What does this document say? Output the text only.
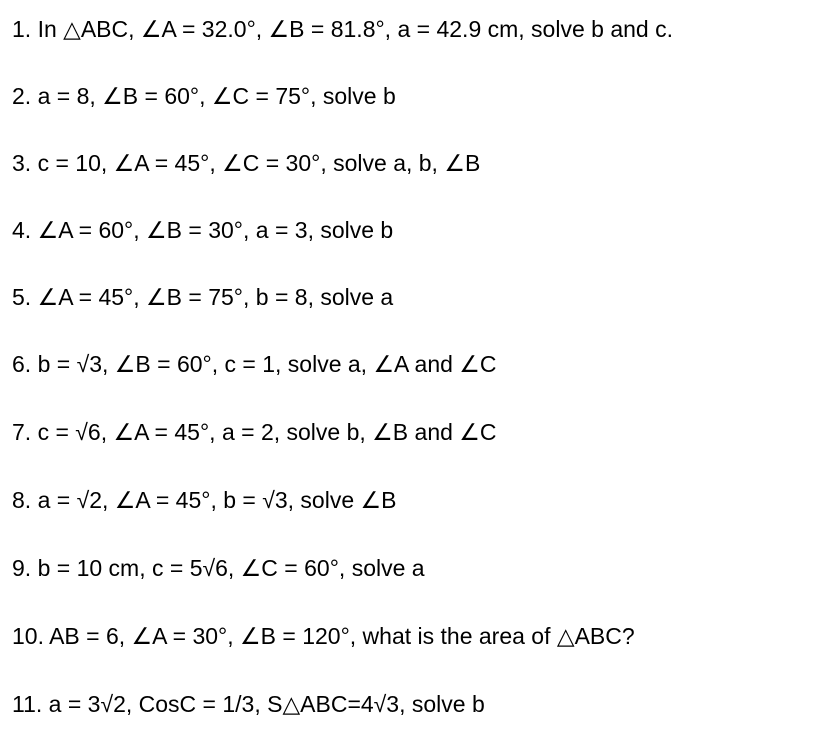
1. In △ABC, ∠A = 32.0°, ∠B = 81.8°, a = 42.9 cm, solve b and c.
2. a = 8, ∠B = 60°, ∠C = 75°, solve b
3. c = 10, ∠A = 45°, ∠C = 30°, solve a, b, ∠B
4. ∠A = 60°, ∠B = 30°, a = 3, solve b
5. ∠A = 45°, ∠B = 75°, b = 8, solve a
6. b = √3, ∠B = 60°, c = 1, solve a, ∠A and ∠C
7. c = √6, ∠A = 45°, a = 2, solve b, ∠B and ∠C
8. a = √2, ∠A = 45°, b = √3, solve ∠B
9. b = 10 cm, c = 5√6, ∠C = 60°, solve a
10. AB = 6, ∠A = 30°, ∠B = 120°, what is the area of △ABC?
11. a = 3√2, CosC = 1/3, S△ABC=4√3, solve b
